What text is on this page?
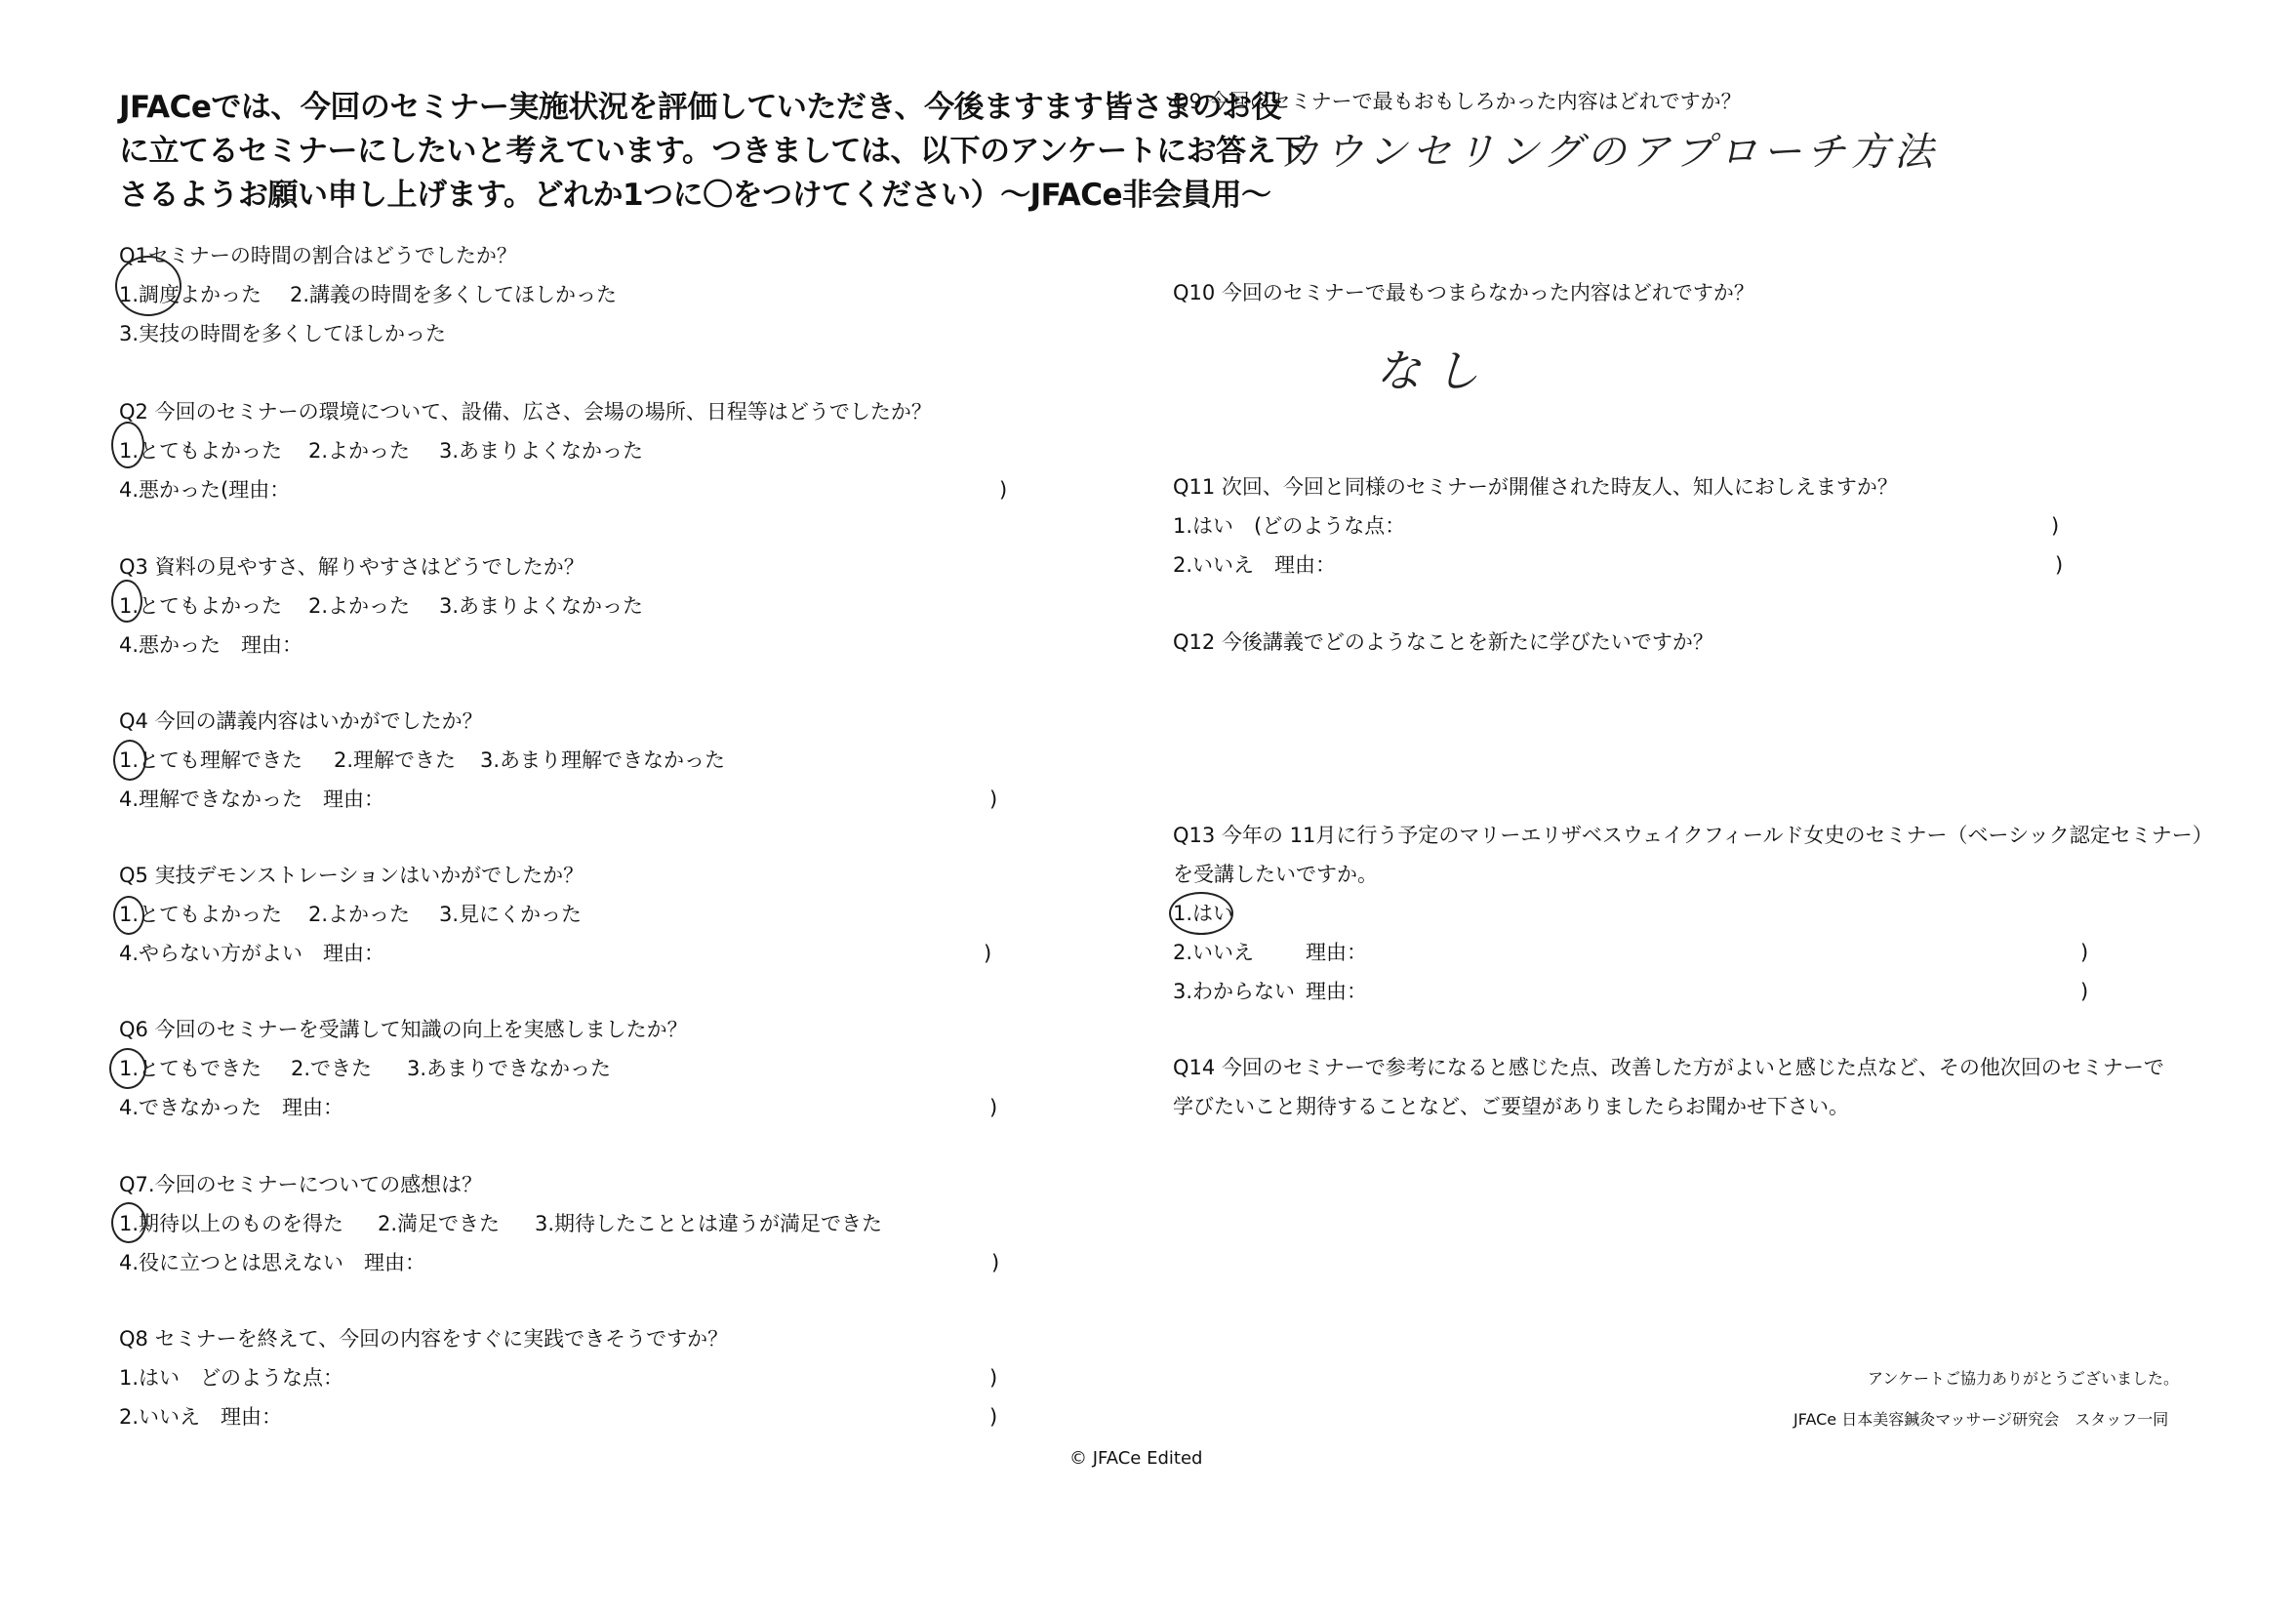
JFACeでは、今回のセミナー実施状況を評価していただき、今後ますます皆さまのお役
に立てるセミナーにしたいと考えています。つきましては、以下のアンケートにお答え下
さるようお願い申し上げます。どれか1つに〇をつけてください）〜JFACe非会員用〜
Q1セミナーの時間の割合はどうでしたか？
1.調度よかった 2.講義の時間を多くしてほしかった
3.実技の時間を多くしてほしかった
Q2 今回のセミナーの環境について、設備、広さ、会場の場所、日程等はどうでしたか？
1.とてもよかった 2.よかった 3.あまりよくなかった
4.悪かった(理由：	)
Q3 資料の見やすさ、解りやすさはどうでしたか？
1.とてもよかった 2.よかった 3.あまりよくなかった
4.悪かった　理由：
Q4 今回の講義内容はいかがでしたか？
1.とても理解できた 2.理解できた 3.あまり理解できなかった
4.理解できなかった　理由：	)
Q5 実技デモンストレーションはいかがでしたか？
1.とてもよかった 2.よかった 3.見にくかった
4.やらない方がよい　理由：	)
Q6 今回のセミナーを受講して知識の向上を実感しましたか？
1.とてもできた 2.できた 3.あまりできなかった
4.できなかった　理由：	)
Q7.今回のセミナーについての感想は？
1.期待以上のものを得た 2.満足できた 3.期待したこととは違うが満足できた
4.役に立つとは思えない　理由：	)
Q8 セミナーを終えて、今回の内容をすぐに実践できそうですか？
1.はい　どのような点：	)
2.いいえ　理由：	)
Q9 今回のセミナーで最もおもしろかった内容はどれですか？
カウンセリングのアプローチ方法
Q10 今回のセミナーで最もつまらなかった内容はどれですか？
なし
Q11 次回、今回と同様のセミナーが開催された時友人、知人におしえますか？
1.はい　(どのような点：	)
2.いいえ　理由：	)
Q12 今後講義でどのようなことを新たに学びたいですか？
Q13 今年の 11月に行う予定のマリーエリザベスウェイクフィールド女史のセミナー（ベーシック認定セミナー）
を受講したいですか。
1.はい
2.いいえ	理由：	)
3.わからない 理由：	)
Q14 今回のセミナーで参考になると感じた点、改善した方がよいと感じた点など、その他次回のセミナーで
学びたいこと期待することなど、ご要望がありましたらお聞かせ下さい。
アンケートご協力ありがとうございました。
JFACe 日本美容鍼灸マッサージ研究会　スタッフ一同
© JFACe Edited
